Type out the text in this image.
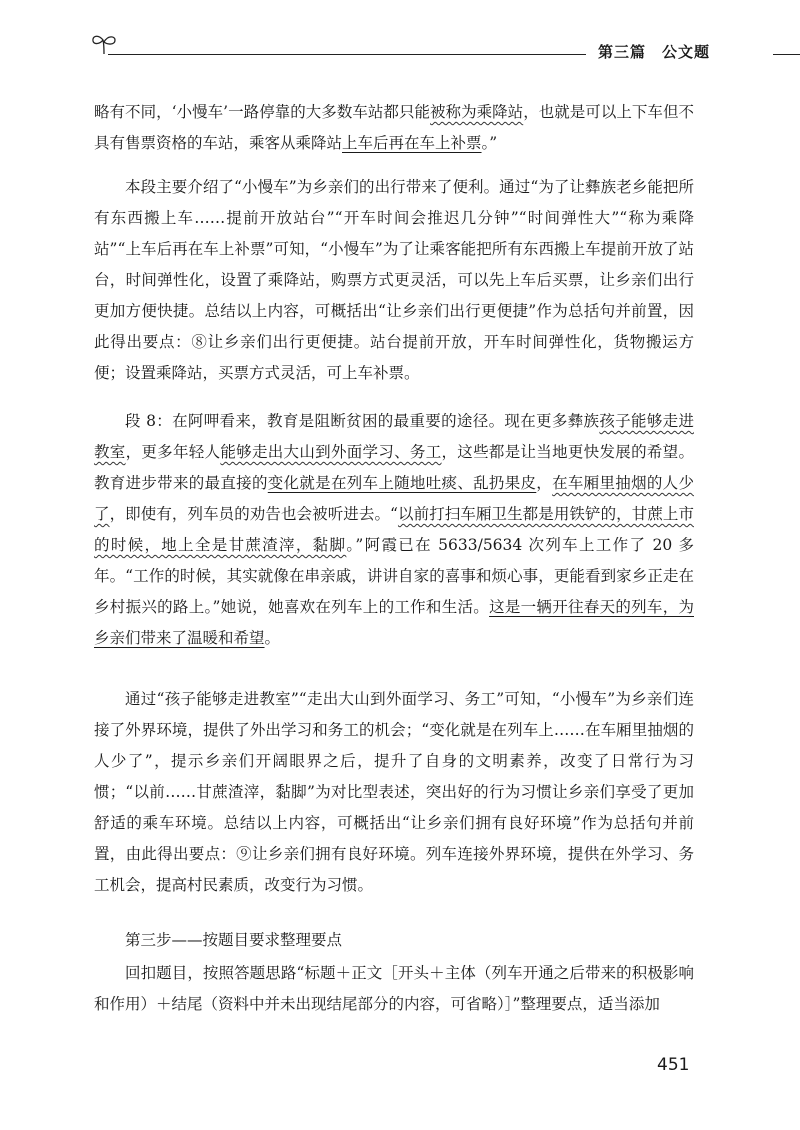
第三篇  公文题

略有不同，‘小慢车’一路停靠的大多数车站都只能被称为乘降站，也就是可以上下车但不具有售票资格的车站，乘客从乘降站上车后再在车上补票。”

本段主要介绍了“小慢车”为乡亲们的出行带来了便利。通过“为了让彝族老乡能把所有东西搬上车……提前开放站台”“开车时间会推迟几分钟”“时间弹性大”“称为乘降站”“上车后再在车上补票”可知，“小慢车”为了让乘客能把所有东西搬上车提前开放了站台，时间弹性化，设置了乘降站，购票方式更灵活，可以先上车后买票，让乡亲们出行更加方便快捷。总结以上内容，可概括出“让乡亲们出行更便捷”作为总括句并前置，因此得出要点：⑧让乡亲们出行更便捷。站台提前开放，开车时间弹性化，货物搬运方便；设置乘降站，买票方式灵活，可上车补票。

段 8：在阿呷看来，教育是阻断贫困的最重要的途径。现在更多彝族孩子能够走进教室，更多年轻人能够走出大山到外面学习、务工，这些都是让当地更快发展的希望。教育进步带来的最直接的变化就是在列车上随地吐痰、乱扔果皮，在车厢里抽烟的人少了，即使有，列车员的劝告也会被听进去。“以前打扫车厢卫生都是用铁铲的，甘蔗上市的时候，地上全是甘蔗渣滓，黏脚。”阿霞已在 5633/5634 次列车上工作了 20 多年。“工作的时候，其实就像在串亲戚，讲讲自家的喜事和烦心事，更能看到家乡正走在乡村振兴的路上。”她说，她喜欢在列车上的工作和生活。这是一辆开往春天的列车，为乡亲们带来了温暖和希望。

通过“孩子能够走进教室”“走出大山到外面学习、务工”可知，“小慢车”为乡亲们连接了外界环境，提供了外出学习和务工的机会；“变化就是在列车上……在车厢里抽烟的人少了”，提示乡亲们开阔眼界之后，提升了自身的文明素养，改变了日常行为习惯；“以前……甘蔗渣滓，黏脚”为对比型表述，突出好的行为习惯让乡亲们享受了更加舒适的乘车环境。总结以上内容，可概括出“让乡亲们拥有良好环境”作为总括句并前置，由此得出要点：⑨让乡亲们拥有良好环境。列车连接外界环境，提供在外学习、务工机会，提高村民素质，改变行为习惯。

第三步——按题目要求整理要点

回扣题目，按照答题思路“标题＋正文［开头＋主体（列车开通之后带来的积极影响和作用）＋结尾（资料中并未出现结尾部分的内容，可省略）］”整理要点，适当添加

451
